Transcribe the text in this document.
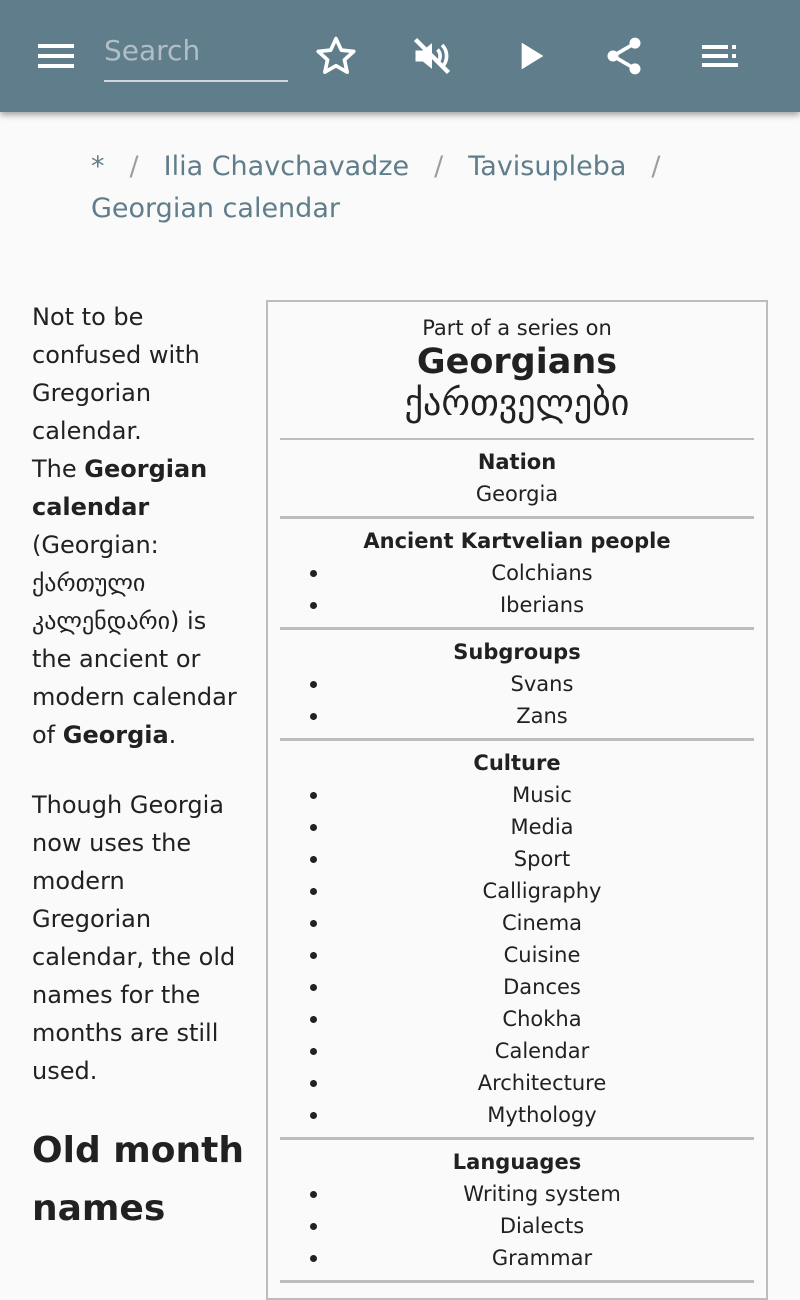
Search
* / Ilia Chavchavadze / Tavisupleba /
Georgian calendar

Not to be confused with Gregorian calendar.
The Georgian calendar (Georgian: ქართული კალენდარი) is the ancient or modern calendar of Georgia.

Though Georgia now uses the modern Gregorian calendar, the old names for the months are still used.

Old month names
Part of a series on
Georgians
ქართველები
Nation
Georgia
Ancient Kartvelian people
Colchians
Iberians
Subgroups
Svans
Zans
Culture
Music
Media
Sport
Calligraphy
Cinema
Cuisine
Dances
Chokha
Calendar
Architecture
Mythology
Languages
Writing system
Dialects
Grammar
